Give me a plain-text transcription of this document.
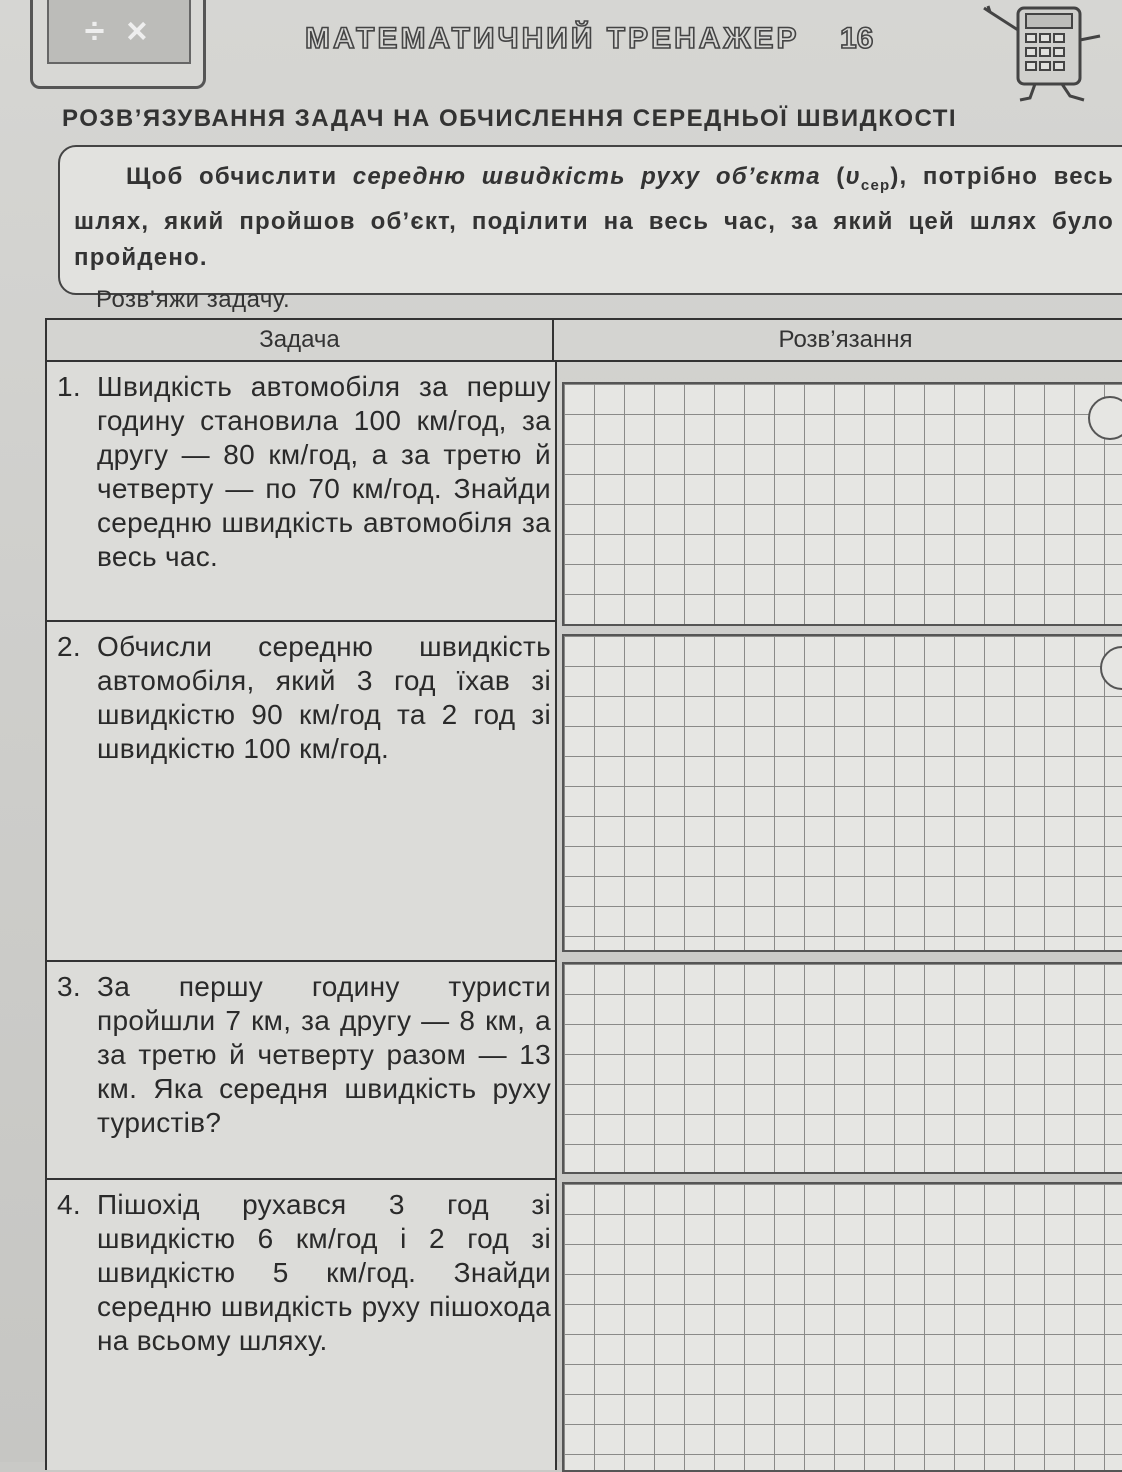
÷ ×	МАТЕМАТИЧНИЙ ТРЕНАЖЕР 16
РОЗВ’ЯЗУВАННЯ ЗАДАЧ НА ОБЧИСЛЕННЯ СЕРЕДНЬОЇ ШВИДКОСТІ
Щоб обчислити середню швидкість руху об’єкта $(\upsilon_{сер})$, потрібно весь шлях, який пройшов об’єкт, поділити на весь час, за який цей шлях було пройдено.
Розв’яжи задачу.
Задача	Розв’язання
1. Швидкість автомобіля за першу годину становила 100 км/год, за другу — 80 км/год, а за третю й четверту — по 70 км/год. Знайди середню швидкість автомобіля за весь час.
2. Обчисли середню швидкість автомобіля, який 3 год їхав зі швидкістю 90 км/год та 2 год зі швидкістю 100 км/год.
3. За першу годину туристи пройшли 7 км, за другу — 8 км, а за третю й четверту разом — 13 км. Яка середня швидкість руху туристів?
4. Пішохід рухався 3 год зі швидкістю 6 км/год і 2 год зі швидкістю 5 км/год. Знайди середню швидкість руху пішохода на всьому шляху.
